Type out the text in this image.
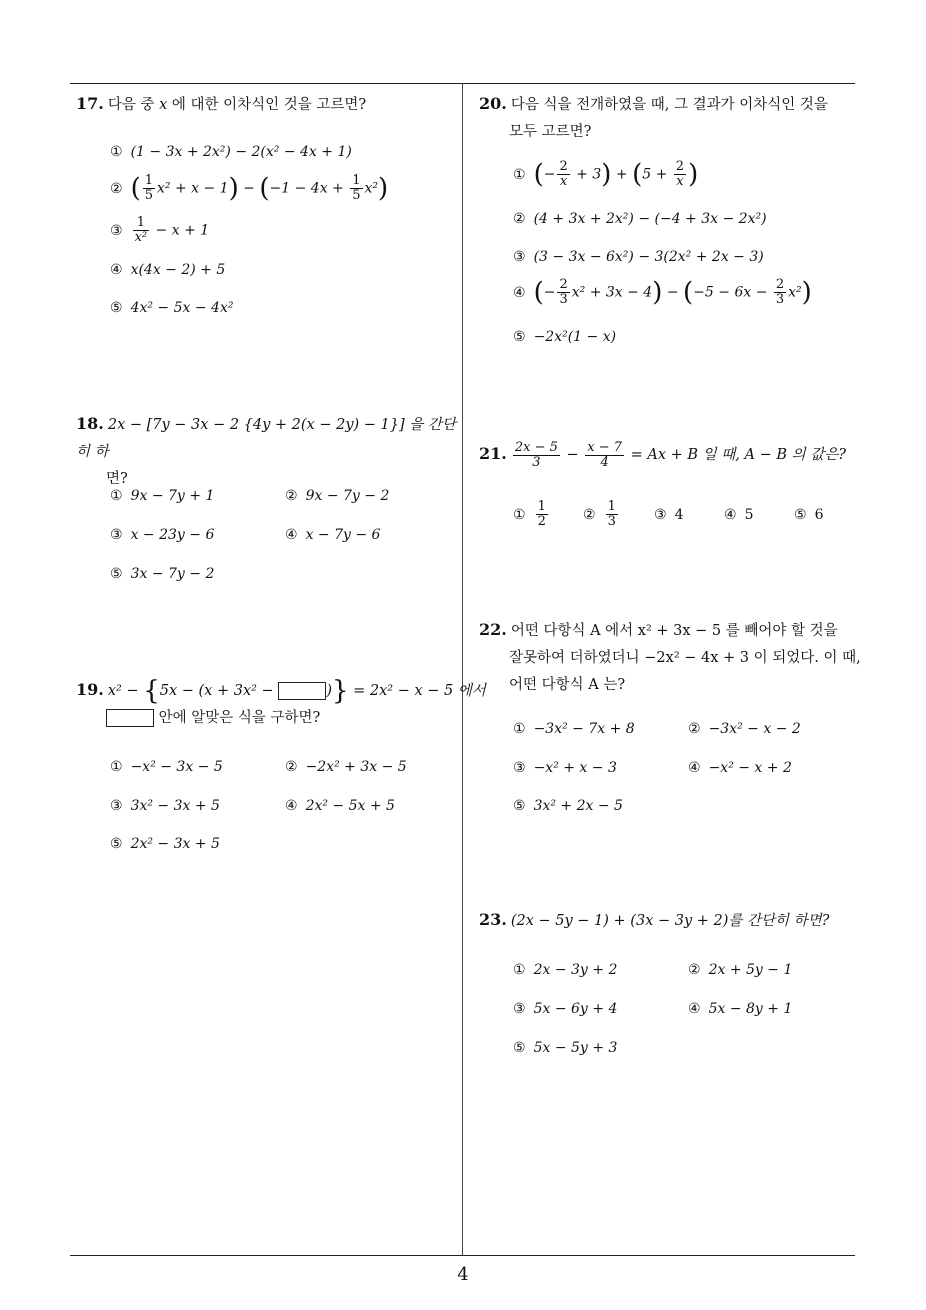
17. 다음 중 x 에 대한 이차식인 것을 고르면?
① (1 − 3x + 2x²) − 2(x² − 4x + 1)
② ( $\frac{1}{5} x^2 + x - 1) - (-1 - 4x + \frac{1}{5} x^2)$
③ $\frac{1}{\text{x²}} - x + 1$
④ x(4x − 2) + 5
⑤ 4x² − 5x − 4x²
18. 2x − [7y − 3x − 2 {4y + 2(x − 2y) − 1}] 을 간단히 하
면?
① 9x − 7y + 1	② 9x − 7y − 2
③ x − 23y − 6	④ x − 7y − 6
⑤ 3x − 7y − 2
19. x² − {5x − (x + 3x² −	)} = 2x² − x − 5 에서
안에 알맞은 식을 구하면?
① −x² − 3x − 5	② −2x² + 3x − 5
③ 3x² − 3x + 5	④ 2x² − 5x + 5
⑤ 2x² − 3x + 5
20. 다음 식을 전개하였을 때, 그 결과가 이차식인 것을
모두 고르면?
① (− $\frac{2}{x} + 3) + (5 + \frac{2}{x}$ )
② (4 + 3x + 2x²) − (−4 + 3x − 2x²)
③ (3 − 3x − 6x²) − 3(2x² + 2x − 3)
④ (− $\frac{2}{3} x^2 + 3x - 4) - (-5 - 6x - \frac{2}{3} x^2)$
⑤ −2x²(1 − x)
21. $\frac{2x - 5}{3} - \frac{x - 7}{4} = Ax + B$ 일 때, A − B 의 값은?
① $\frac{1}{2}$	② $\frac{1}{3}$	③ 4	④ 5	⑤ 6
22. 어떤 다항식 A 에서 x² + 3x − 5 를 빼어야 할 것을
잘못하여 더하였더니 −2x² − 4x + 3 이 되었다. 이 때,
어떤 다항식 A 는?
① −3x² − 7x + 8	② −3x² − x − 2
③ −x² + x − 3	④ −x² − x + 2
⑤ 3x² + 2x − 5
23. (2x − 5y − 1) + (3x − 3y + 2)를 간단히 하면?
① 2x − 3y + 2	② 2x + 5y − 1
③ 5x − 6y + 4	④ 5x − 8y + 1
⑤ 5x − 5y + 3
4
